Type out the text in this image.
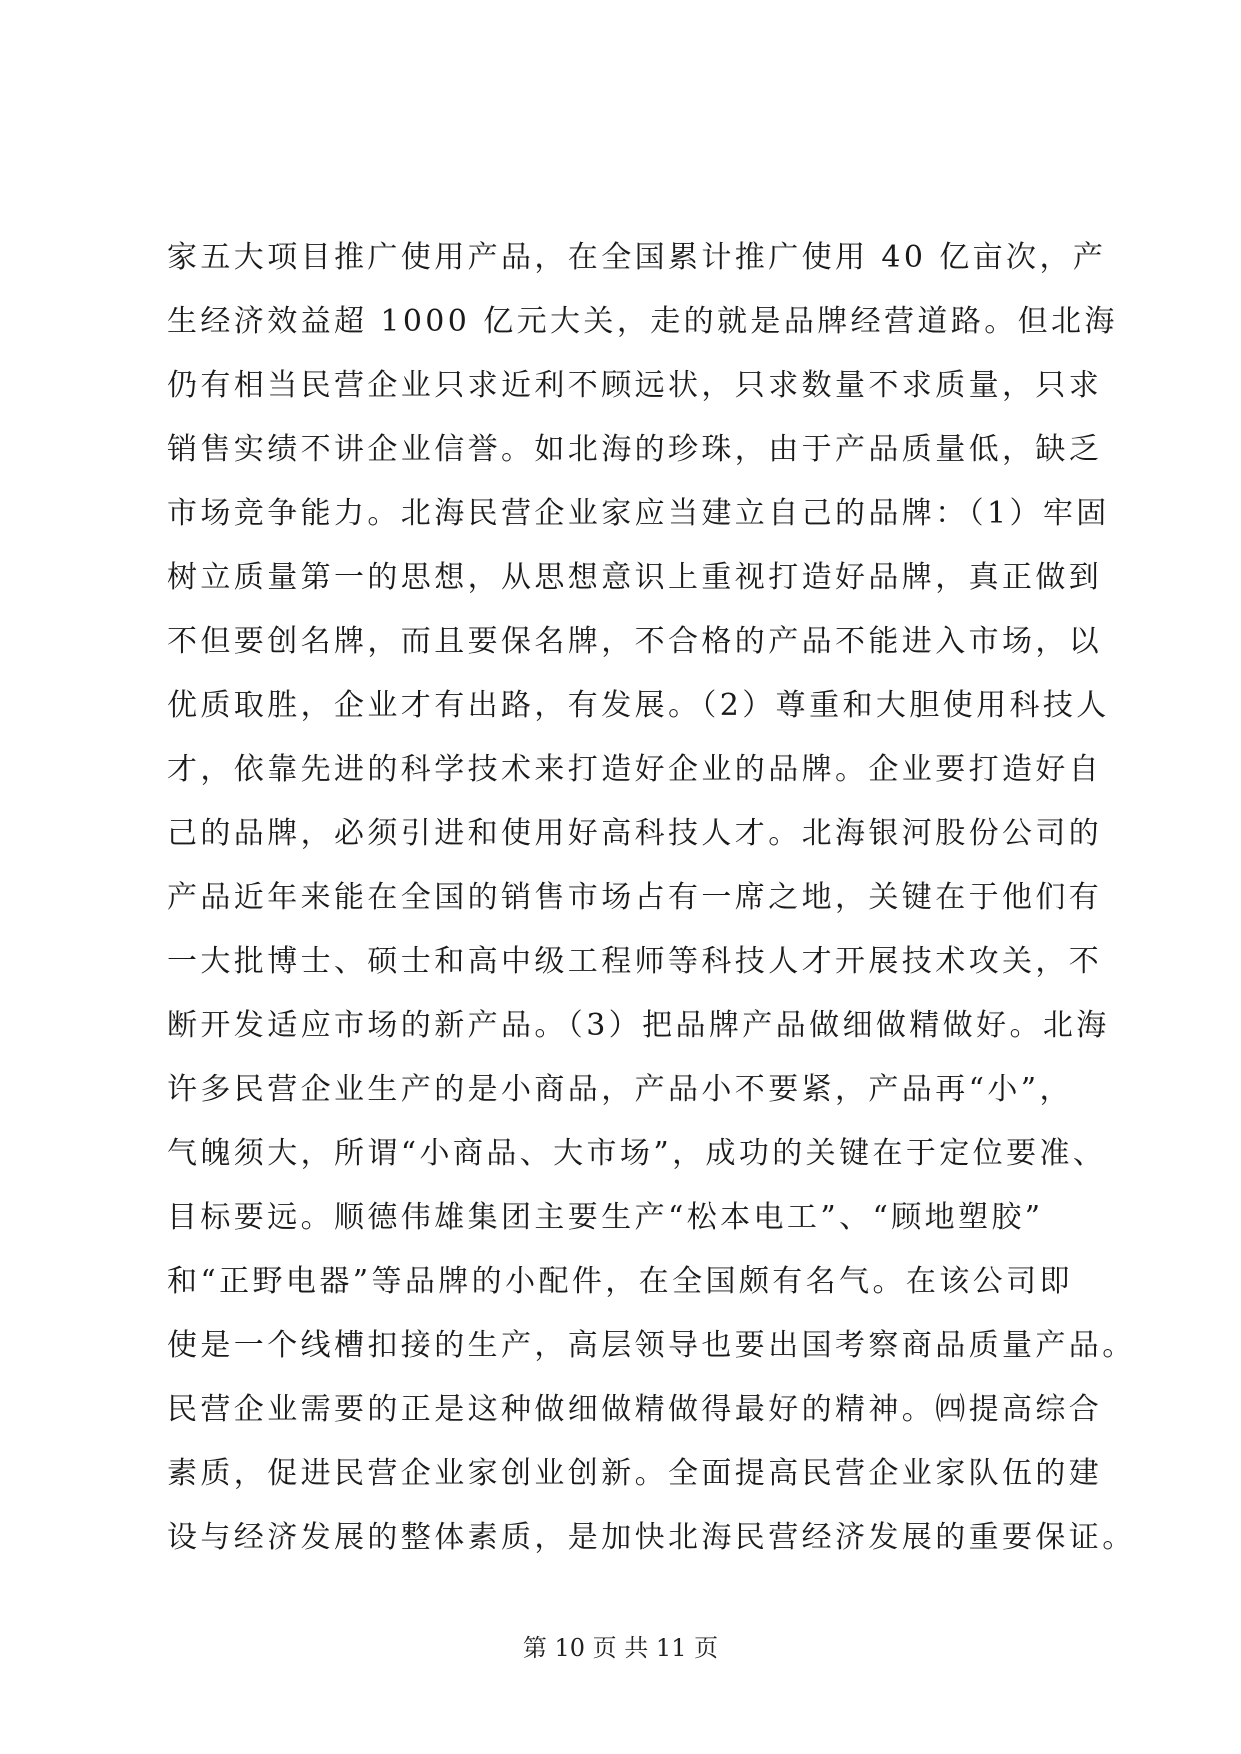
家五大项目推广使用产品，在全国累计推广使用 40 亿亩次，产
生经济效益超 1000 亿元大关，走的就是品牌经营道路。但北海
仍有相当民营企业只求近利不顾远状，只求数量不求质量，只求
销售实绩不讲企业信誉。如北海的珍珠，由于产品质量低，缺乏
市场竞争能力。北海民营企业家应当建立自己的品牌：（1）牢固
树立质量第一的思想，从思想意识上重视打造好品牌，真正做到
不但要创名牌，而且要保名牌，不合格的产品不能进入市场，以
优质取胜，企业才有出路，有发展。（2）尊重和大胆使用科技人
才，依靠先进的科学技术来打造好企业的品牌。企业要打造好自
己的品牌，必须引进和使用好高科技人才。北海银河股份公司的
产品近年来能在全国的销售市场占有一席之地，关键在于他们有
一大批博士、硕士和高中级工程师等科技人才开展技术攻关，不
断开发适应市场的新产品。（3）把品牌产品做细做精做好。北海
许多民营企业生产的是小商品，产品小不要紧，产品再“小”，
气魄须大，所谓“小商品、大市场”，成功的关键在于定位要准、
目标要远。顺德伟雄集团主要生产“松本电工”、“顾地塑胶”
和“正野电器”等品牌的小配件，在全国颇有名气。在该公司即
使是一个线槽扣接的生产，高层领导也要出国考察商品质量产品。
民营企业需要的正是这种做细做精做得最好的精神。㈣提高综合
素质，促进民营企业家创业创新。全面提高民营企业家队伍的建
设与经济发展的整体素质，是加快北海民营经济发展的重要保证。
第 10 页 共 11 页
